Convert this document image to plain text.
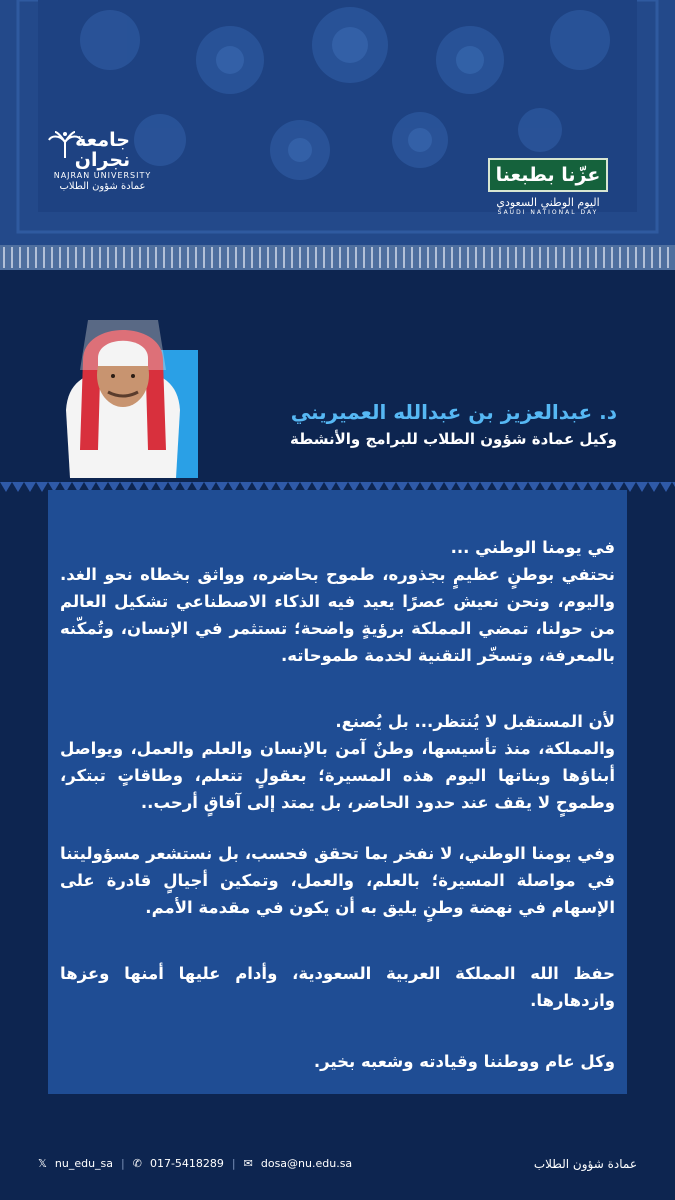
جامعة نجران
NAJRAN UNIVERSITY
عمادة شؤون الطلاب
عزّنا بطبعنا
اليوم الوطني السعودي
SAUDI NATIONAL DAY
د. عبدالعزيز بن عبدالله العميريني
وكيل عمادة شؤون الطلاب للبرامج والأنشطة

في يومنا الوطني ...
نحتفي بوطنٍ عظيمٍ بجذوره، طموح بحاضره، وواثق بخطاه نحو الغد. واليوم، ونحن نعيش عصرًا يعيد فيه الذكاء الاصطناعي تشكيل العالم من حولنا، تمضي المملكة برؤيةٍ واضحة؛ تستثمر في الإنسان، وتُمكّنه بالمعرفة، وتسخّر التقنية لخدمة طموحاته.

لأن المستقبل لا يُنتظر... بل يُصنع.
والمملكة، منذ تأسيسها، وطنٌ آمن بالإنسان والعلم والعمل، ويواصل أبناؤها وبناتها اليوم هذه المسيرة؛ بعقولٍ تتعلم، وطاقاتٍ تبتكر، وطموحٍ لا يقف عند حدود الحاضر، بل يمتد إلى آفاقٍ أرحب..

وفي يومنا الوطني، لا نفخر بما تحقق فحسب، بل نستشعر مسؤوليتنا في مواصلة المسيرة؛ بالعلم، والعمل، وتمكين أجيالٍ قادرة على الإسهام في نهضة وطنٍ يليق به أن يكون في مقدمة الأمم.

حفظ الله المملكة العربية السعودية، وأدام عليها أمنها وعزها وازدهارها.

وكل عام ووطننا وقيادته وشعبه بخير.

𝕏 nu_edu_sa | ✆ 017-5418289 | ✉ dosa@nu.edu.sa	عمادة شؤون الطلاب
